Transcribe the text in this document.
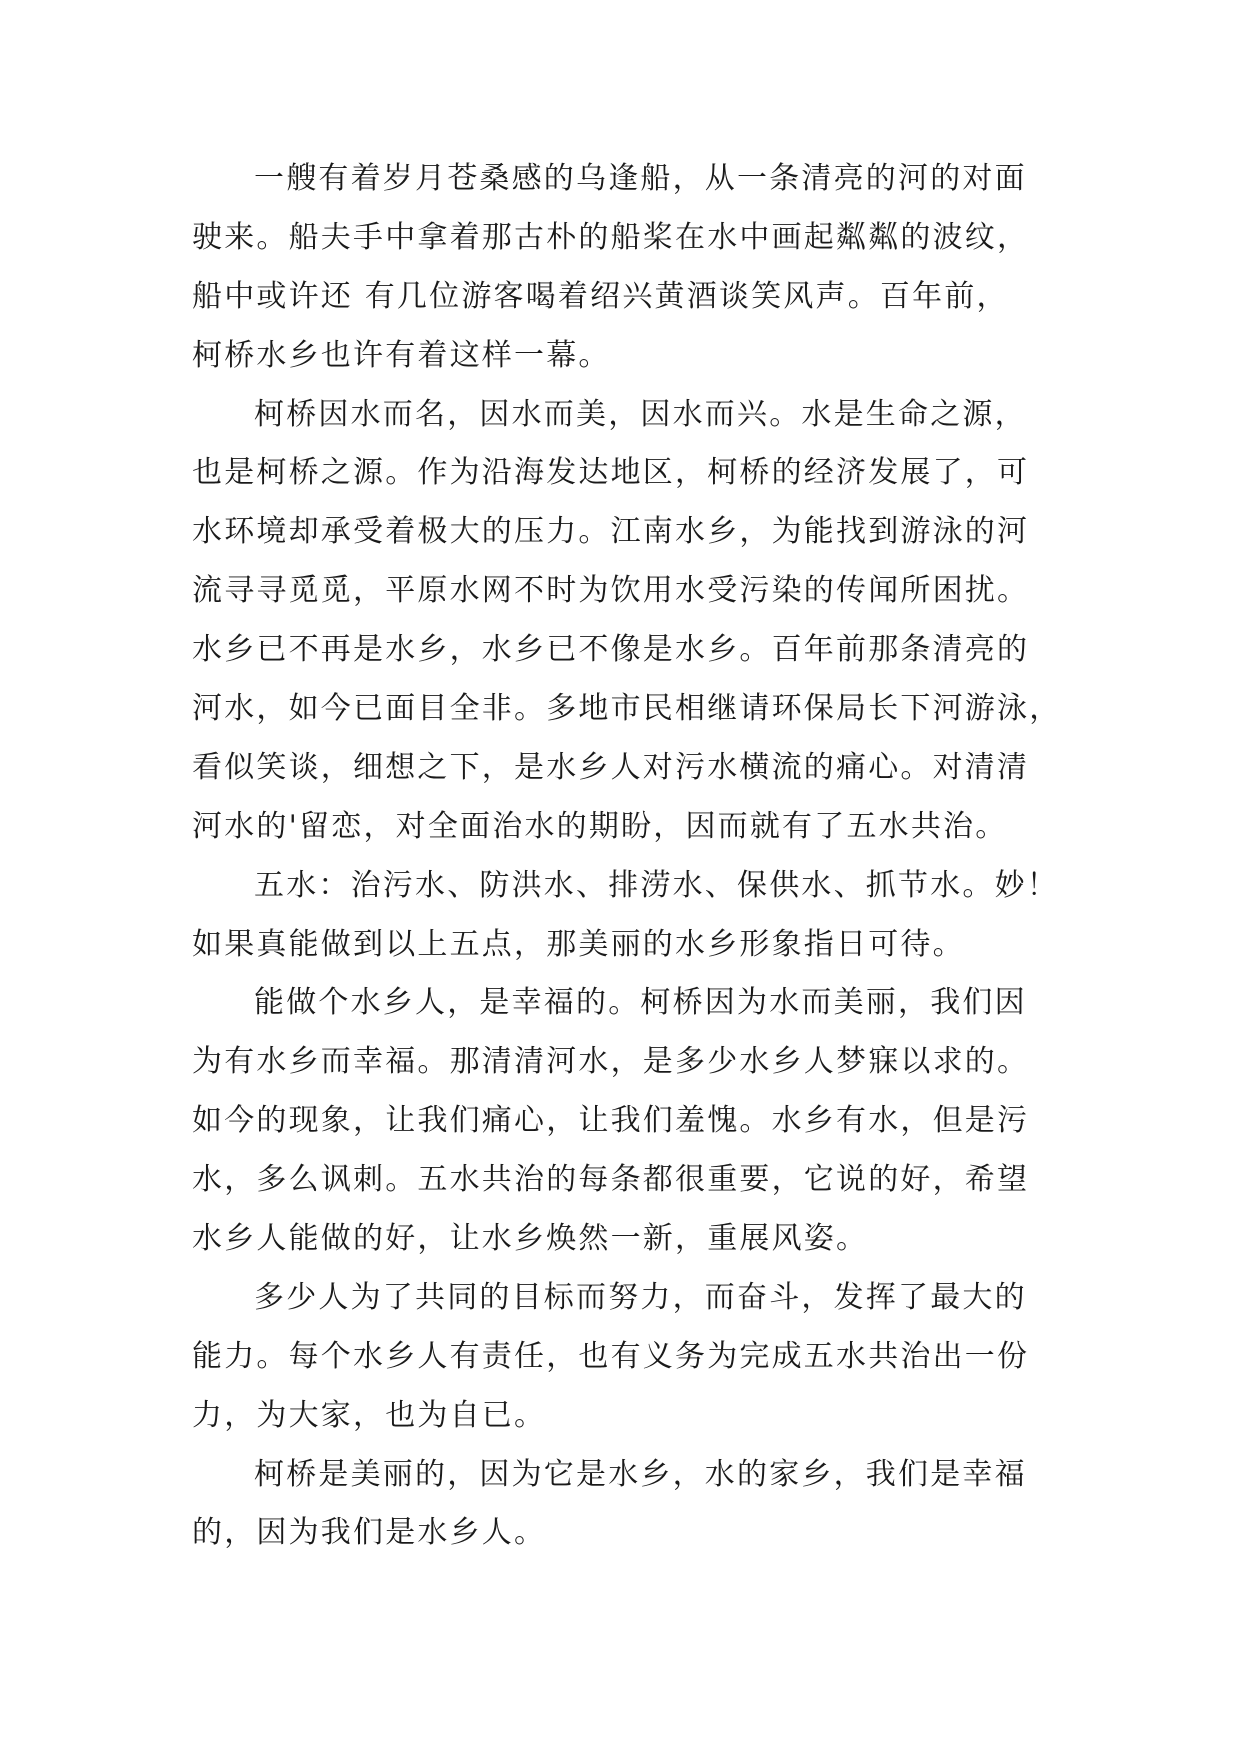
一艘有着岁月苍桑感的乌逢船，从一条清亮的河的对面
驶来。船夫手中拿着那古朴的船桨在水中画起粼粼的波纹，
船中或许还 有几位游客喝着绍兴黄酒谈笑风声。百年前，
柯桥水乡也许有着这样一幕。
柯桥因水而名，因水而美，因水而兴。水是生命之源，
也是柯桥之源。作为沿海发达地区，柯桥的经济发展了，可
水环境却承受着极大的压力。江南水乡，为能找到游泳的河
流寻寻觅觅，平原水网不时为饮用水受污染的传闻所困扰。
水乡已不再是水乡，水乡已不像是水乡。百年前那条清亮的
河水，如今已面目全非。多地市民相继请环保局长下河游泳，
看似笑谈，细想之下，是水乡人对污水横流的痛心。对清清
河水的'留恋，对全面治水的期盼，因而就有了五水共治。
五水：治污水、防洪水、排涝水、保供水、抓节水。妙！
如果真能做到以上五点，那美丽的水乡形象指日可待。
能做个水乡人，是幸福的。柯桥因为水而美丽，我们因
为有水乡而幸福。那清清河水，是多少水乡人梦寐以求的。
如今的现象，让我们痛心，让我们羞愧。水乡有水，但是污
水，多么讽刺。五水共治的每条都很重要，它说的好，希望
水乡人能做的好，让水乡焕然一新，重展风姿。
多少人为了共同的目标而努力，而奋斗，发挥了最大的
能力。每个水乡人有责任，也有义务为完成五水共治出一份
力，为大家，也为自已。
柯桥是美丽的，因为它是水乡，水的家乡，我们是幸福
的，因为我们是水乡人。
